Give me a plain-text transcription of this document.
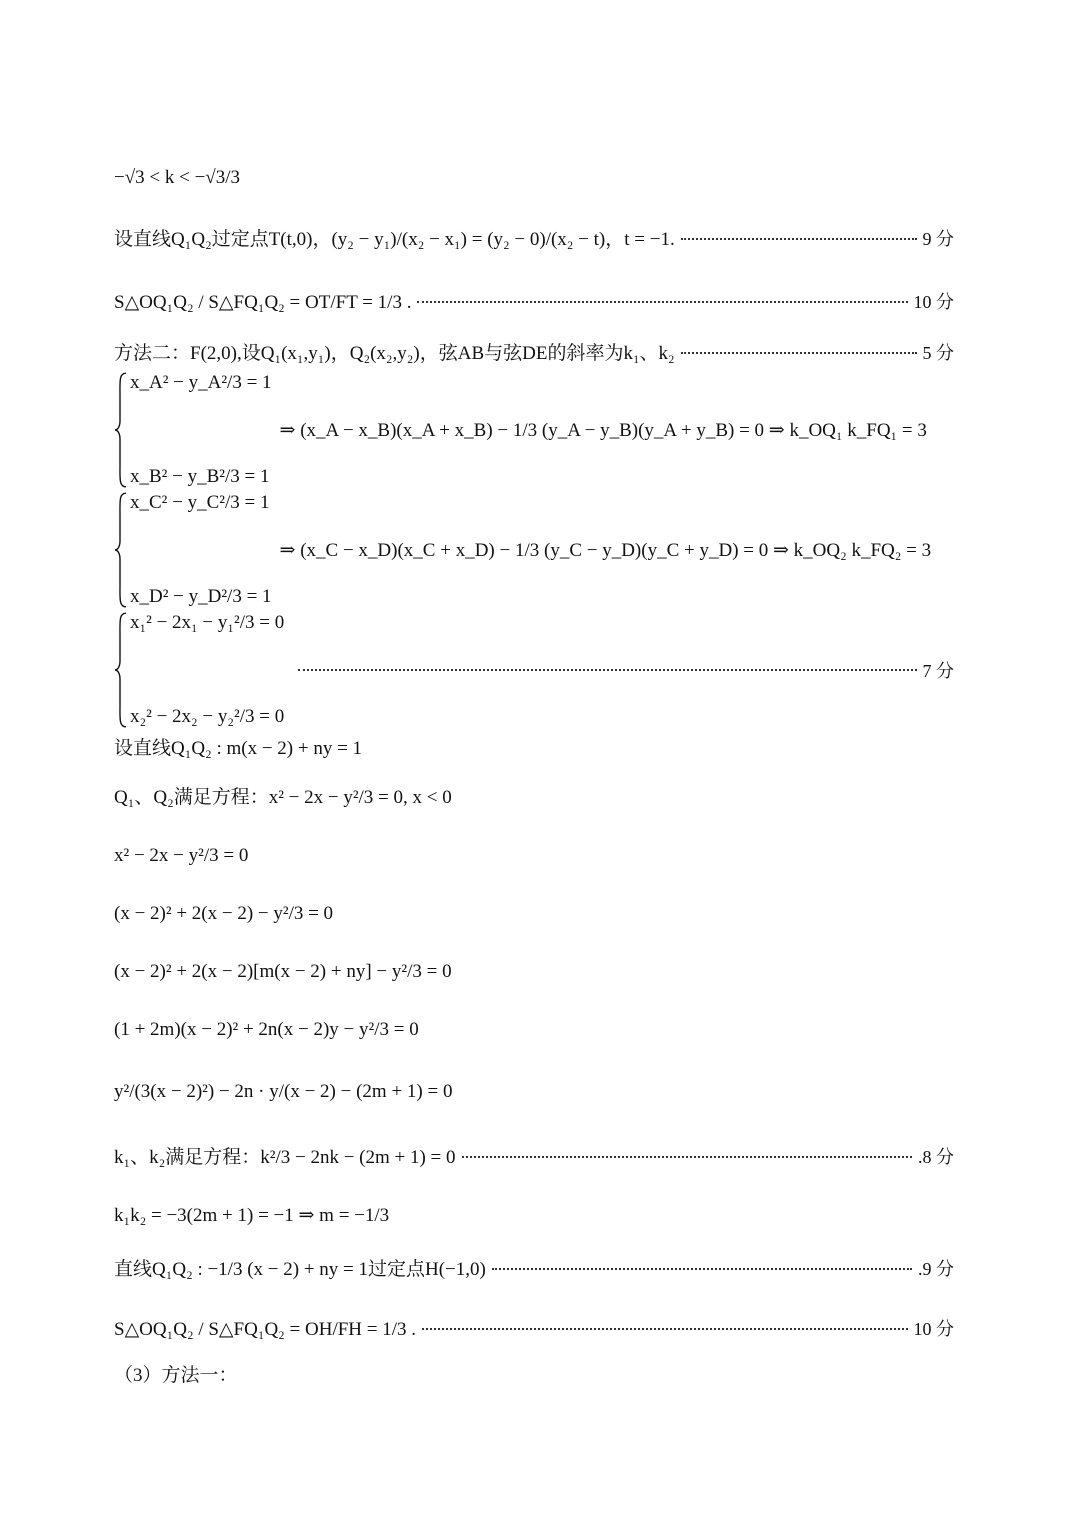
−√3 < k < −√3/3
设直线Q₁Q₂过定点T(t,0)，(y₂ − y₁)/(x₂ − x₁) = (y₂ − 0)/(x₂ − t)，t = −1.	9 分
S△OQ₁Q₂ / S△FQ₁Q₂ = OT/FT = 1/3 .	10 分
方法二：F(2,0),设Q₁(x₁,y₁)，Q₂(x₂,y₂)，弦AB与弦DE的斜率为k₁、k₂	5 分
x_A² − y_A²/3 = 1
x_B² − y_B²/3 = 1
⇒ (x_A − x_B)(x_A + x_B) − 1/3 (y_A − y_B)(y_A + y_B) = 0 ⇒ k_OQ₁ k_FQ₁ = 3
x_C² − y_C²/3 = 1
x_D² − y_D²/3 = 1
⇒ (x_C − x_D)(x_C + x_D) − 1/3 (y_C − y_D)(y_C + y_D) = 0 ⇒ k_OQ₂ k_FQ₂ = 3
x₁² − 2x₁ − y₁²/3 = 0
x₂² − 2x₂ − y₂²/3 = 0
7 分
设直线Q₁Q₂ : m(x − 2) + ny = 1
Q₁、Q₂满足方程：x² − 2x − y²/3 = 0, x < 0
x² − 2x − y²/3 = 0
(x − 2)² + 2(x − 2) − y²/3 = 0
(x − 2)² + 2(x − 2)[m(x − 2) + ny] − y²/3 = 0
(1 + 2m)(x − 2)² + 2n(x − 2)y − y²/3 = 0
y²/(3(x − 2)²) − 2n · y/(x − 2) − (2m + 1) = 0
k₁、k₂满足方程：k²/3 − 2nk − (2m + 1) = 0	.8 分
k₁k₂ = −3(2m + 1) = −1 ⇒ m = −1/3
直线Q₁Q₂ : −1/3 (x − 2) + ny = 1过定点H(−1,0)	.9 分
S△OQ₁Q₂ / S△FQ₁Q₂ = OH/FH = 1/3 .	10 分
（3）方法一：
